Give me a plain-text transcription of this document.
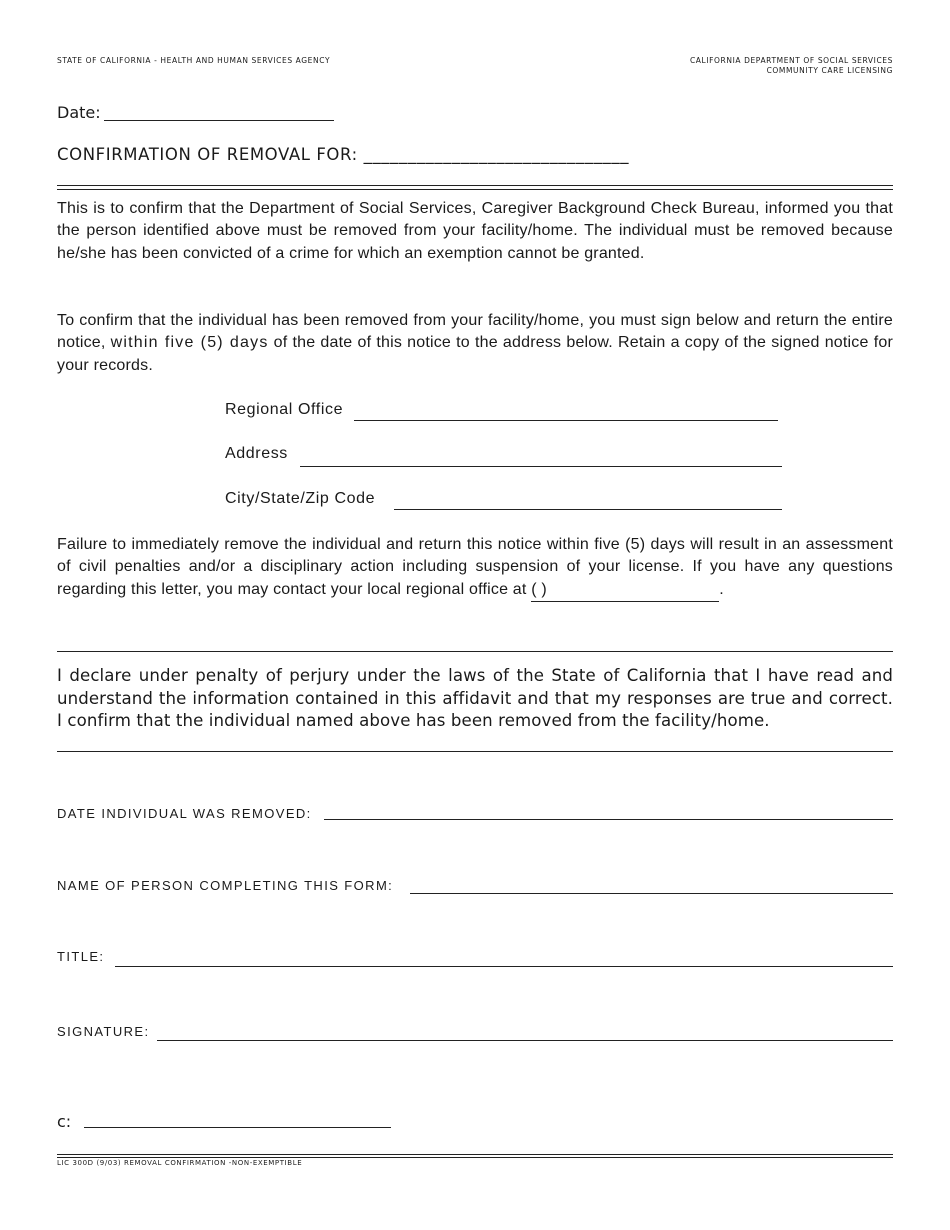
STATE OF CALIFORNIA - HEALTH AND HUMAN SERVICES AGENCY	CALIFORNIA DEPARTMENT OF SOCIAL SERVICES
COMMUNITY CARE LICENSING
Date:
CONFIRMATION OF REMOVAL FOR: ______________________________
This is to confirm that the Department of Social Services, Caregiver Background Check Bureau, informed you that the person identified above must be removed from your facility/home. The individual must be removed because he/she has been convicted of a crime for which an exemption cannot be granted.
To confirm that the individual has been removed from your facility/home, you must sign below and return the entire notice, within five (5) days of the date of this notice to the address below. Retain a copy of the signed notice for your records.
Regional Office
Address
City/State/Zip Code
Failure to immediately remove the individual and return this notice within five (5) days will result in an assessment of civil penalties and/or a disciplinary action including suspension of your license. If you have any questions regarding this letter, you may contact your local regional office at ( )	.
I declare under penalty of perjury under the laws of the State of California that I have read and understand the information contained in this affidavit and that my responses are true and correct. I confirm that the individual named above has been removed from the facility/home.
DATE INDIVIDUAL WAS REMOVED:
NAME OF PERSON COMPLETING THIS FORM:
TITLE:
SIGNATURE:
c:
LIC 300D (9/03) REMOVAL CONFIRMATION -NON-EXEMPTIBLE
